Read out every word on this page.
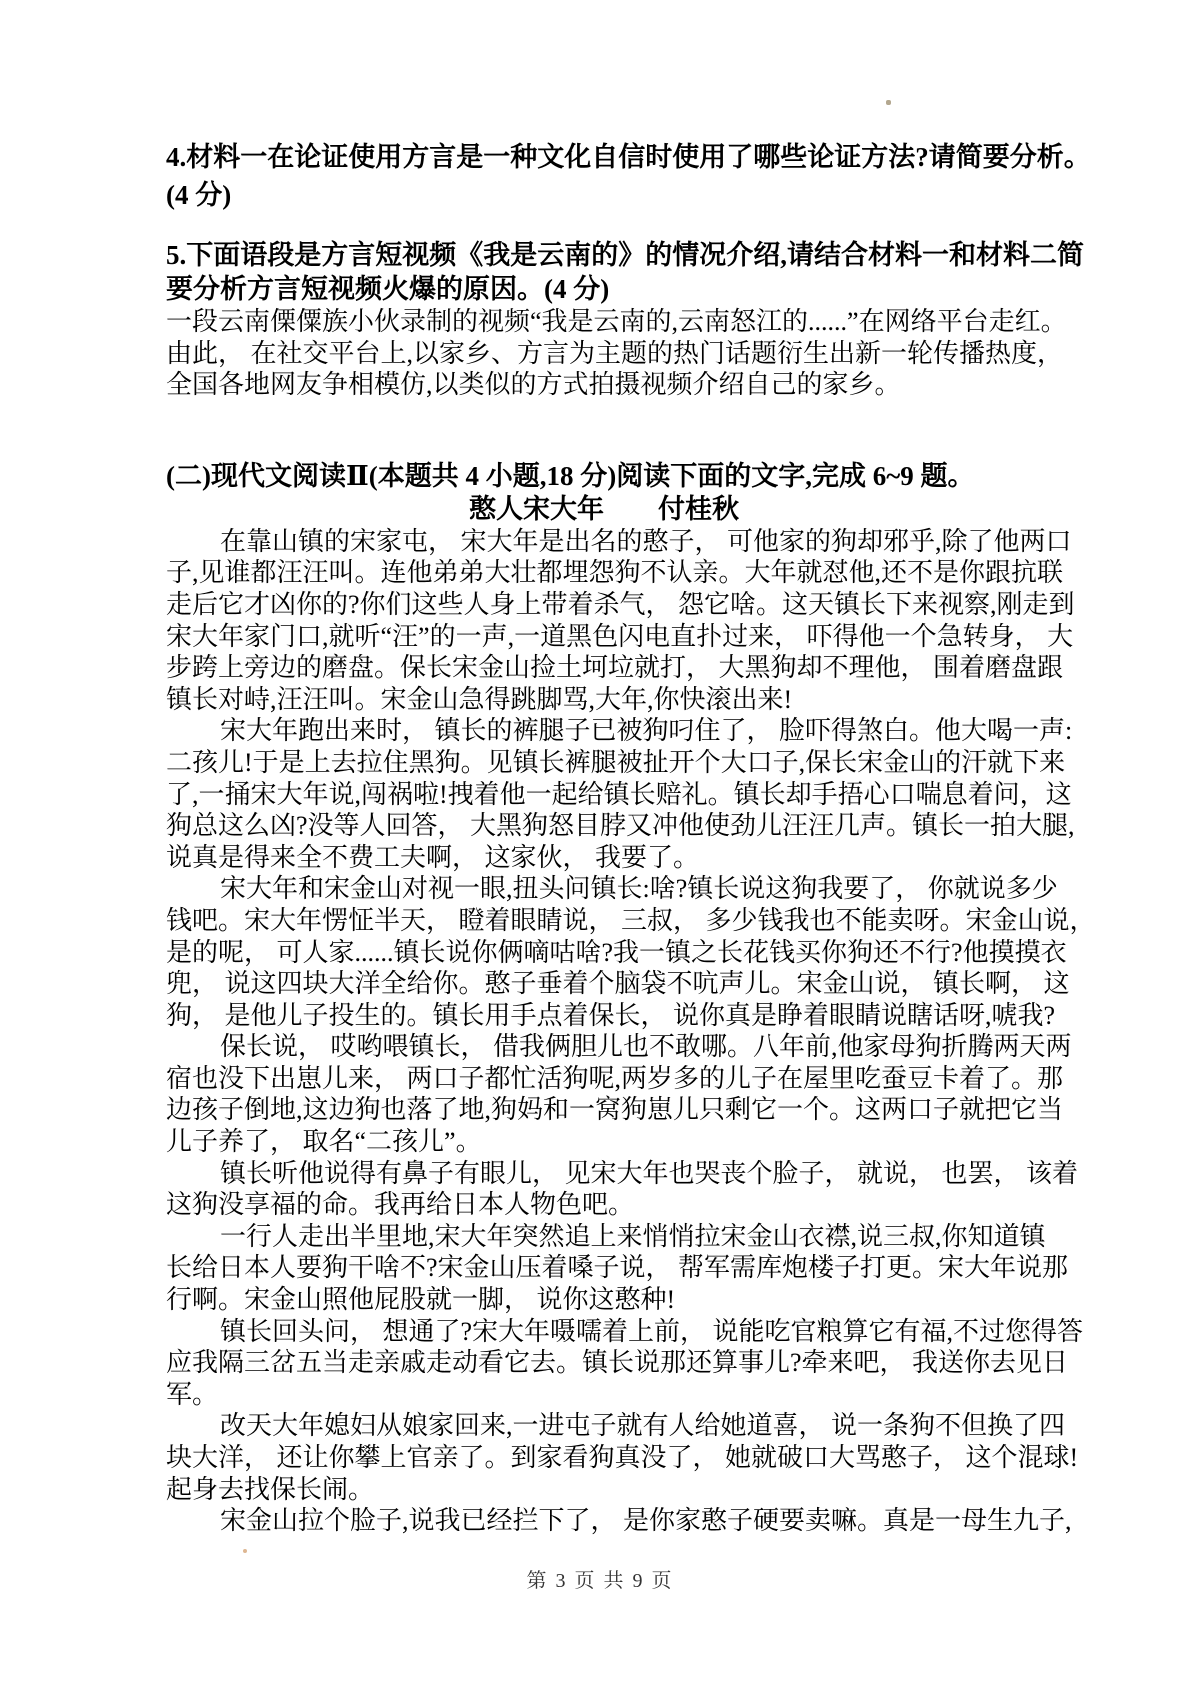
4.材料一在论证使用方言是一种文化自信时使用了哪些论证方法?请简要分析。
(4 分)
5.下面语段是方言短视频《我是云南的》的情况介绍,请结合材料一和材料二简
要分析方言短视频火爆的原因。(4 分)
一段云南傈僳族小伙录制的视频“我是云南的,云南怒江的......”在网络平台走红。
由此， 在社交平台上,以家乡、方言为主题的热门话题衍生出新一轮传播热度，
全国各地网友争相模仿,以类似的方式拍摄视频介绍自己的家乡。
(二)现代文阅读Ⅱ(本题共 4 小题,18 分)阅读下面的文字,完成 6~9 题。
憨人宋大年 付桂秋
在靠山镇的宋家屯， 宋大年是出名的憨子， 可他家的狗却邪乎,除了他两口
子,见谁都汪汪叫。连他弟弟大壮都埋怨狗不认亲。大年就怼他,还不是你跟抗联
走后它才凶你的?你们这些人身上带着杀气， 怨它啥。这天镇长下来视察,刚走到
宋大年家门口,就听“汪”的一声,一道黑色闪电直扑过来， 吓得他一个急转身， 大
步跨上旁边的磨盘。保长宋金山捡土坷垃就打， 大黑狗却不理他， 围着磨盘跟
镇长对峙,汪汪叫。宋金山急得跳脚骂,大年,你快滚出来!
宋大年跑出来时， 镇长的裤腿子已被狗叼住了， 脸吓得煞白。他大喝一声:
二孩儿!于是上去拉住黑狗。见镇长裤腿被扯开个大口子,保长宋金山的汗就下来
了,一捅宋大年说,闯祸啦!拽着他一起给镇长赔礼。镇长却手捂心口喘息着问，这
狗总这么凶?没等人回答， 大黑狗怒目脖又冲他使劲儿汪汪几声。镇长一拍大腿,
说真是得来全不费工夫啊， 这家伙， 我要了。
宋大年和宋金山对视一眼,扭头问镇长:啥?镇长说这狗我要了， 你就说多少
钱吧。宋大年愣怔半天， 瞪着眼睛说， 三叔， 多少钱我也不能卖呀。宋金山说，
是的呢， 可人家......镇长说你俩嘀咕啥?我一镇之长花钱买你狗还不行?他摸摸衣
兜， 说这四块大洋全给你。憨子垂着个脑袋不吭声儿。宋金山说， 镇长啊， 这
狗， 是他儿子投生的。镇长用手点着保长， 说你真是睁着眼睛说瞎话呀,唬我?
保长说， 哎哟喂镇长， 借我俩胆儿也不敢哪。八年前,他家母狗折腾两天两
宿也没下出崽儿来， 两口子都忙活狗呢,两岁多的儿子在屋里吃蚕豆卡着了。那
边孩子倒地,这边狗也落了地,狗妈和一窝狗崽儿只剩它一个。这两口子就把它当
儿子养了， 取名“二孩儿”。
镇长听他说得有鼻子有眼儿， 见宋大年也哭丧个脸子， 就说， 也罢， 该着
这狗没享福的命。我再给日本人物色吧。
一行人走出半里地,宋大年突然追上来悄悄拉宋金山衣襟,说三叔,你知道镇
长给日本人要狗干啥不?宋金山压着嗓子说， 帮军需库炮楼子打更。宋大年说那
行啊。宋金山照他屁股就一脚， 说你这憨种!
镇长回头问， 想通了?宋大年嗫嚅着上前， 说能吃官粮算它有福,不过您得答
应我隔三岔五当走亲戚走动看它去。镇长说那还算事儿?牵来吧， 我送你去见日
军。
改天大年媳妇从娘家回来,一进屯子就有人给她道喜， 说一条狗不但换了四
块大洋， 还让你攀上官亲了。到家看狗真没了， 她就破口大骂憨子， 这个混球!
起身去找保长闹。
宋金山拉个脸子,说我已经拦下了， 是你家憨子硬要卖嘛。真是一母生九子,
第 3 页 共 9 页
